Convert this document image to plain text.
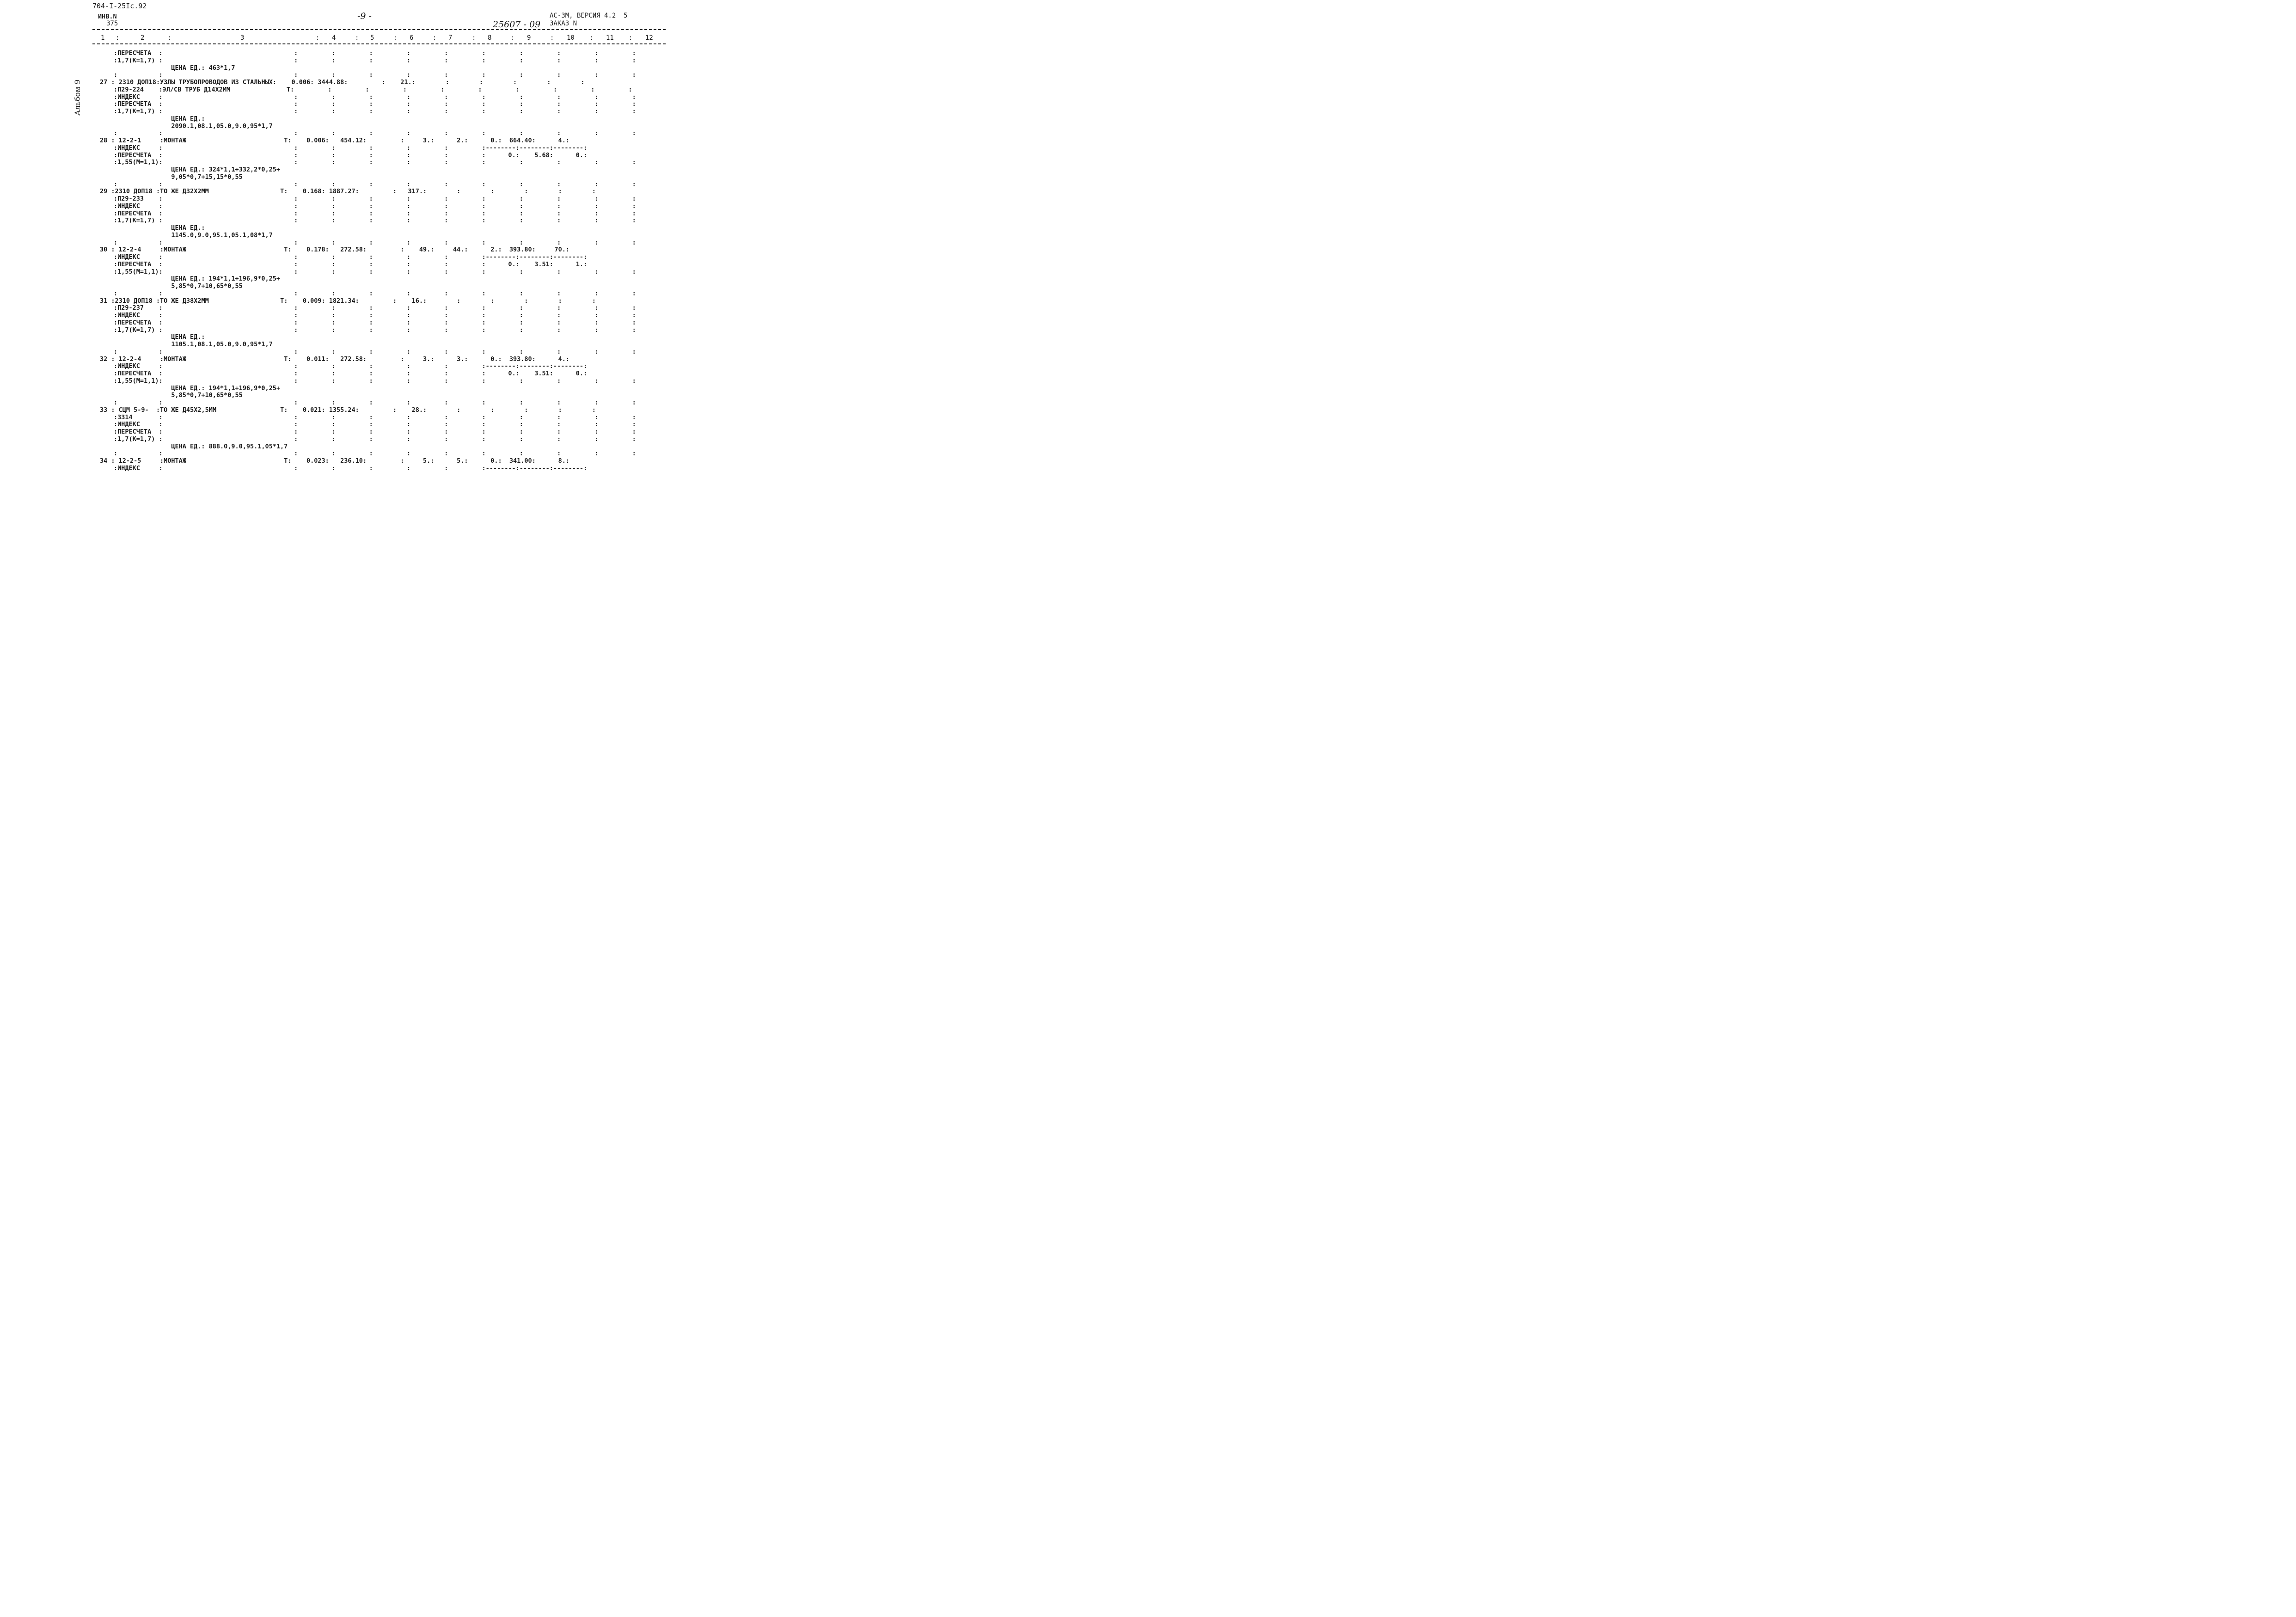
704-I-25Iс.92
ИНВ.N
375
-9 -
25607 - 09
АС-3М, ВЕРСИЯ 4.2  5
ЗАКАЗ N
Альбом 9
1 :	2	:	3	: 4	: 5	: 6	: 7	: 8	: 9	: 10 : 11 : 12
:ПЕРЕСЧЕТА  :                                   :         :         :         :         :         :         :         :         :         :
:1,7(К=1,7) :                                   :         :         :         :         :         :         :         :         :         :
ЦЕНА ЕД.: 463*1,7
:           :                                   :         :         :         :         :         :         :         :         :         :
27 : 2310 ДОП18:УЗЛЫ ТРУБОПРОВОДОВ ИЗ СТАЛЬНЫХ:    0.006: 3444.88:         :    21.:        :        :        :        :        :
:П29-224    :ЭЛ/СВ ТРУБ Д14Х2ММ               T:         :         :         :         :         :         :         :         :         :
:ИНДЕКС     :                                   :         :         :         :         :         :         :         :         :         :
:ПЕРЕСЧЕТА  :                                   :         :         :         :         :         :         :         :         :         :
:1,7(К=1,7) :                                   :         :         :         :         :         :         :         :         :         :
ЦЕНА ЕД.:
2090.1,08.1,05.0,9.0,95*1,7
:           :                                   :         :         :         :         :         :         :         :         :         :
28 : 12-2-1     :МОНТАЖ                          T:    0.006:   454.12:         :     3.:      2.:      0.:  664.40:      4.:
:ИНДЕКС     :                                   :         :         :         :         :         :--------:--------:--------:
:ПЕРЕСЧЕТА  :                                   :         :         :         :         :         :      0.:    5.68:      0.:
:1,55(М=1,1):                                   :         :         :         :         :         :         :         :         :         :
ЦЕНА ЕД.: 324*1,1+332,2*0,25+
9,05*0,7+15,15*0,55
:           :                                   :         :         :         :         :         :         :         :         :         :
29 :2310 ДОП18 :ТО ЖЕ Д32Х2ММ                   T:    0.168: 1887.27:         :   317.:        :        :        :        :        :
:П29-233    :                                   :         :         :         :         :         :         :         :         :         :
:ИНДЕКС     :                                   :         :         :         :         :         :         :         :         :         :
:ПЕРЕСЧЕТА  :                                   :         :         :         :         :         :         :         :         :         :
:1,7(К=1,7) :                                   :         :         :         :         :         :         :         :         :         :
ЦЕНА ЕД.:
1145.0,9.0,95.1,05.1,08*1,7
:           :                                   :         :         :         :         :         :         :         :         :         :
30 : 12-2-4     :МОНТАЖ                          T:    0.178:   272.58:         :    49.:     44.:      2.:  393.80:     70.:
:ИНДЕКС     :                                   :         :         :         :         :         :--------:--------:--------:
:ПЕРЕСЧЕТА  :                                   :         :         :         :         :         :      0.:    3.51:      1.:
:1,55(М=1,1):                                   :         :         :         :         :         :         :         :         :         :
ЦЕНА ЕД.: 194*1,1+196,9*0,25+
5,85*0,7+10,65*0,55
:           :                                   :         :         :         :         :         :         :         :         :         :
31 :2310 ДОП18 :ТО ЖЕ Д38Х2ММ                   T:    0.009: 1821.34:         :    16.:        :        :        :        :        :
:П29-237    :                                   :         :         :         :         :         :         :         :         :         :
:ИНДЕКС     :                                   :         :         :         :         :         :         :         :         :         :
:ПЕРЕСЧЕТА  :                                   :         :         :         :         :         :         :         :         :         :
:1,7(К=1,7) :                                   :         :         :         :         :         :         :         :         :         :
ЦЕНА ЕД.:
1105.1,08.1,05.0,9.0,95*1,7
:           :                                   :         :         :         :         :         :         :         :         :         :
32 : 12-2-4     :МОНТАЖ                          T:    0.011:   272.58:         :     3.:      3.:      0.:  393.80:      4.:
:ИНДЕКС     :                                   :         :         :         :         :         :--------:--------:--------:
:ПЕРЕСЧЕТА  :                                   :         :         :         :         :         :      0.:    3.51:      0.:
:1,55(М=1,1):                                   :         :         :         :         :         :         :         :         :         :
ЦЕНА ЕД.: 194*1,1+196,9*0,25+
5,85*0,7+10,65*0,55
:           :                                   :         :         :         :         :         :         :         :         :         :
33 : СЦМ 5-9-  :ТО ЖЕ Д45Х2,5ММ                 T:    0.021: 1355.24:         :    28.:        :        :        :        :        :
:3314       :                                   :         :         :         :         :         :         :         :         :         :
:ИНДЕКС     :                                   :         :         :         :         :         :         :         :         :         :
:ПЕРЕСЧЕТА  :                                   :         :         :         :         :         :         :         :         :         :
:1,7(К=1,7) :                                   :         :         :         :         :         :         :         :         :         :
ЦЕНА ЕД.: 888.0,9.0,95.1,05*1,7
:           :                                   :         :         :         :         :         :         :         :         :         :
34 : 12-2-5     :МОНТАЖ                          T:    0.023:   236.10:         :     5.:      5.:      0.:  341.00:      8.:
:ИНДЕКС     :                                   :         :         :         :         :         :--------:--------:--------:
